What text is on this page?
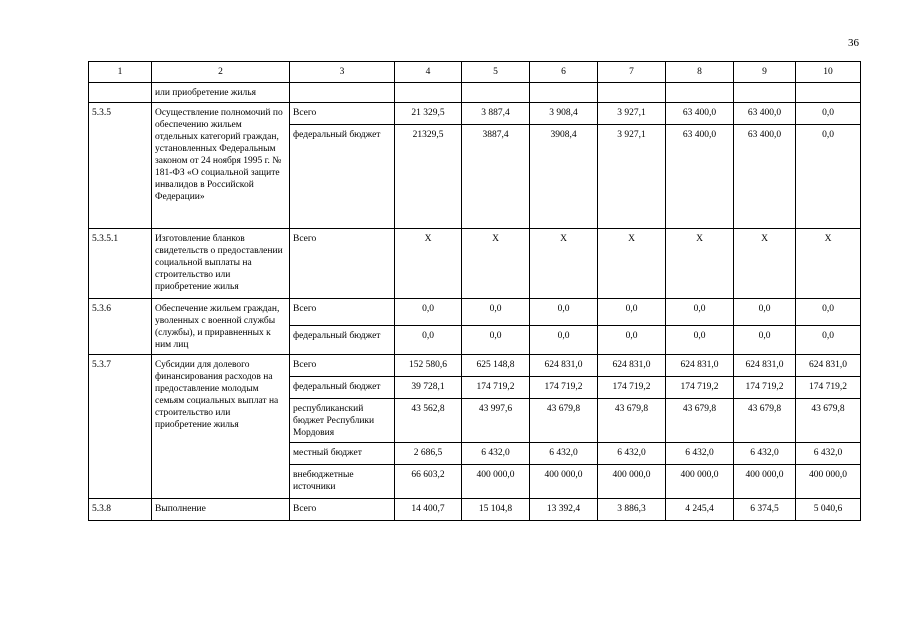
36
1	2	3	4	5	6	7	8	9	10
	или приобретение жилья								
5.3.5	Осуществление полномочий по обеспечению жильем отдельных категорий граждан, установленных Федеральным законом от 24 ноября 1995 г. № 181-ФЗ «О социальной защите инвалидов в Российской Федерации»	Всего	21 329,5	3 887,4	3 908,4	3 927,1	63 400,0	63 400,0	0,0
		федеральный бюджет	21329,5	3887,4	3908,4	3 927,1	63 400,0	63 400,0	0,0
5.3.5.1	Изготовление бланков свидетельств о предоставлении социальной выплаты на строительство или приобретение жилья	Всего	Х	Х	Х	Х	Х	Х	Х
5.3.6	Обеспечение жильем граждан, уволенных с военной службы (службы), и приравненных к ним лиц	Всего	0,0	0,0	0,0	0,0	0,0	0,0	0,0
		федеральный бюджет	0,0	0,0	0,0	0,0	0,0	0,0	0,0
5.3.7	Субсидии для долевого финансирования расходов на предоставление молодым семьям социальных выплат на строительство или приобретение жилья	Всего	152 580,6	625 148,8	624 831,0	624 831,0	624 831,0	624 831,0	624 831,0
		федеральный бюджет	39 728,1	174 719,2	174 719,2	174 719,2	174 719,2	174 719,2	174 719,2
		республиканский бюджет Республики Мордовия	43 562,8	43 997,6	43 679,8	43 679,8	43 679,8	43 679,8	43 679,8
		местный бюджет	2 686,5	6 432,0	6 432,0	6 432,0	6 432,0	6 432,0	6 432,0
		внебюджетные источники	66 603,2	400 000,0	400 000,0	400 000,0	400 000,0	400 000,0	400 000,0
5.3.8	Выполнение	Всего	14 400,7	15 104,8	13 392,4	3 886,3	4 245,4	6 374,5	5 040,6
